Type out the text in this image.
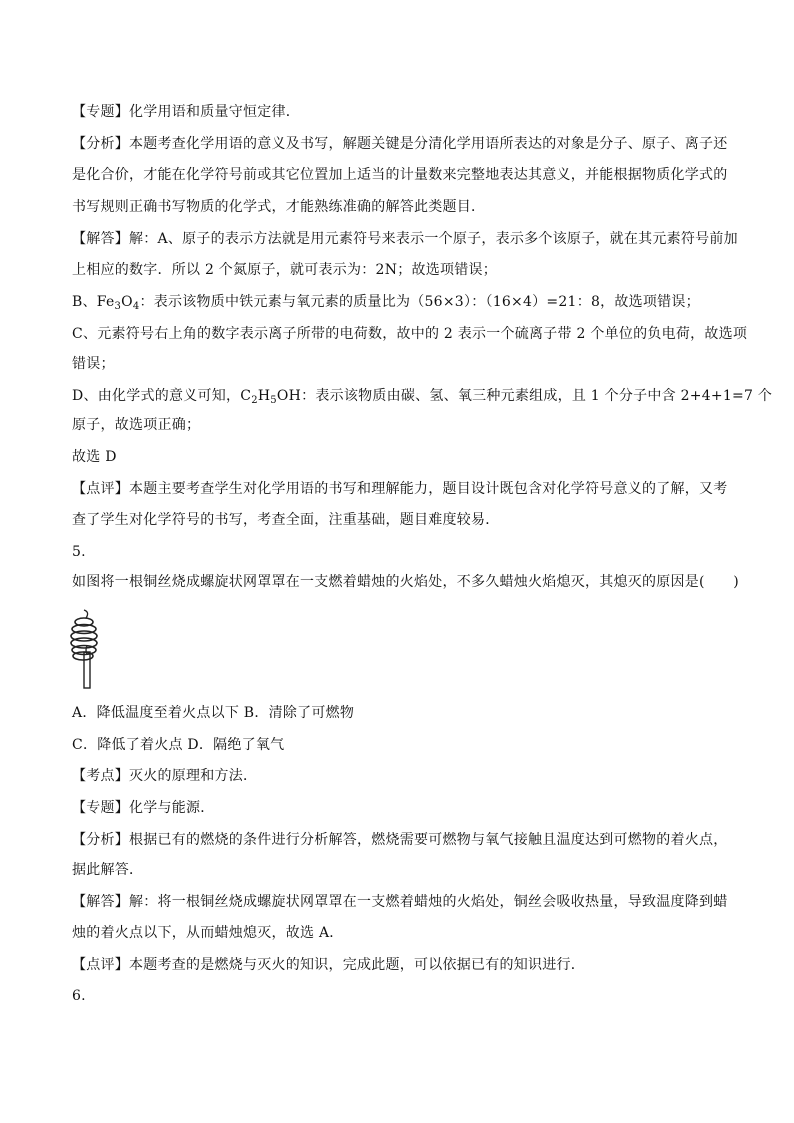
【专题】化学用语和质量守恒定律．
【分析】本题考查化学用语的意义及书写，解题关键是分清化学用语所表达的对象是分子、原子、离子还
是化合价，才能在化学符号前或其它位置加上适当的计量数来完整地表达其意义，并能根据物质化学式的
书写规则正确书写物质的化学式，才能熟练准确的解答此类题目．
【解答】解：A、原子的表示方法就是用元素符号来表示一个原子，表示多个该原子，就在其元素符号前加
上相应的数字．所以 2 个氮原子，就可表示为：2N；故选项错误；
B、$Fe_3O_4$：表示该物质中铁元素与氧元素的质量比为（56×3）：（16×4）=21：8，故选项错误；
C、元素符号右上角的数字表示离子所带的电荷数，故中的 2 表示一个硫离子带 2 个单位的负电荷，故选项
错误；
D、由化学式的意义可知，$C_2H_5OH$：表示该物质由碳、氢、氧三种元素组成，且 1 个分子中含 2+4+1=7 个
原子，故选项正确；
故选 D
【点评】本题主要考查学生对化学用语的书写和理解能力，题目设计既包含对化学符号意义的了解，又考
查了学生对化学符号的书写，考查全面，注重基础，题目难度较易．
5.
如图将一根铜丝烧成螺旋状网罩罩在一支燃着蜡烛的火焰处，不多久蜡烛火焰熄灭，其熄灭的原因是(　　)
A．降低温度至着火点以下 B．清除了可燃物
C．降低了着火点 D．隔绝了氧气
【考点】灭火的原理和方法．
【专题】化学与能源．
【分析】根据已有的燃烧的条件进行分析解答，燃烧需要可燃物与氧气接触且温度达到可燃物的着火点，
据此解答．
【解答】解：将一根铜丝烧成螺旋状网罩罩在一支燃着蜡烛的火焰处，铜丝会吸收热量，导致温度降到蜡
烛的着火点以下，从而蜡烛熄灭，故选 A．
【点评】本题考查的是燃烧与灭火的知识，完成此题，可以依据已有的知识进行．
6.
